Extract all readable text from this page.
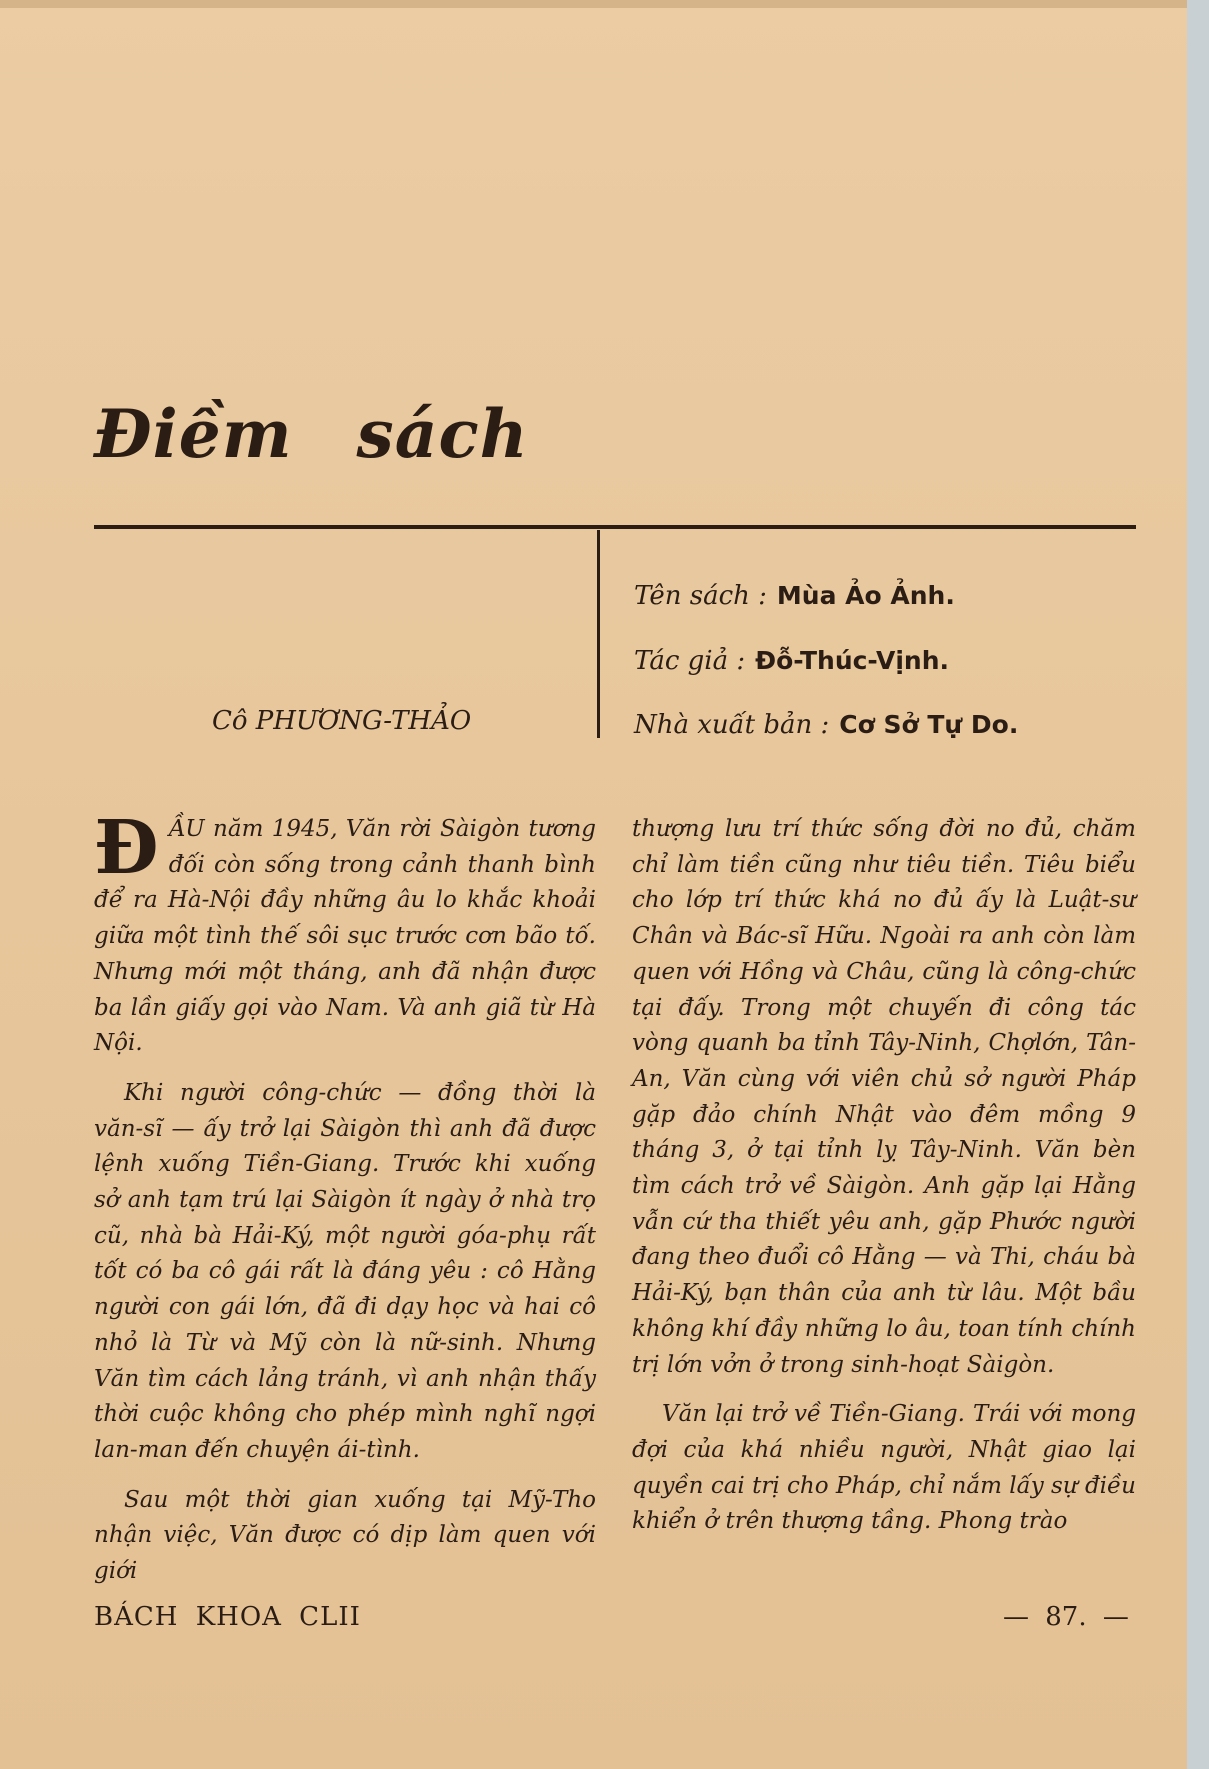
Điềm sách
Cô PHƯƠNG-THẢO
Tên sách : Mùa Ảo Ảnh.
Tác giả : Đỗ-Thúc-Vịnh.
Nhà xuất bản : Cơ Sở Tự Do.

ĐẦU năm 1945, Văn rời Sàigòn tương đối còn sống trong cảnh thanh bình để ra Hà-Nội đầy những âu lo khắc khoải giữa một tình thế sôi sục trước cơn bão tố. Nhưng mới một tháng, anh đã nhận được ba lần giấy gọi vào Nam. Và anh giã từ Hà Nội.

Khi người công-chức — đồng thời là văn-sĩ — ấy trở lại Sàigòn thì anh đã được lệnh xuống Tiền-Giang. Trước khi xuống sở anh tạm trú lại Sàigòn ít ngày ở nhà trọ cũ, nhà bà Hải-Ký, một người góa-phụ rất tốt có ba cô gái rất là đáng yêu : cô Hằng người con gái lớn, đã đi dạy học và hai cô nhỏ là Từ và Mỹ còn là nữ-sinh. Nhưng Văn tìm cách lảng tránh, vì anh nhận thấy thời cuộc không cho phép mình nghĩ ngợi lan-man đến chuyện ái-tình.

Sau một thời gian xuống tại Mỹ-Tho nhận việc, Văn được có dịp làm quen với giới

thượng lưu trí thức sống đời no đủ, chăm chỉ làm tiền cũng như tiêu tiền. Tiêu biểu cho lớp trí thức khá no đủ ấy là Luật-sư Chân và Bác-sĩ Hữu. Ngoài ra anh còn làm quen với Hồng và Châu, cũng là công-chức tại đấy. Trong một chuyến đi công tác vòng quanh ba tỉnh Tây-Ninh, Chợlớn, Tân-An, Văn cùng với viên chủ sở người Pháp gặp đảo chính Nhật vào đêm mồng 9 tháng 3, ở tại tỉnh lỵ Tây-Ninh. Văn bèn tìm cách trở về Sàigòn. Anh gặp lại Hằng vẫn cứ tha thiết yêu anh, gặp Phước người đang theo đuổi cô Hằng — và Thi, cháu bà Hải-Ký, bạn thân của anh từ lâu. Một bầu không khí đầy những lo âu, toan tính chính trị lớn vởn ở trong sinh-hoạt Sàigòn.

Văn lại trở về Tiền-Giang. Trái với mong đợi của khá nhiều người, Nhật giao lại quyền cai trị cho Pháp, chỉ nắm lấy sự điều khiển ở trên thượng tầng. Phong trào

BÁCH KHOA CLII	— 87. —
